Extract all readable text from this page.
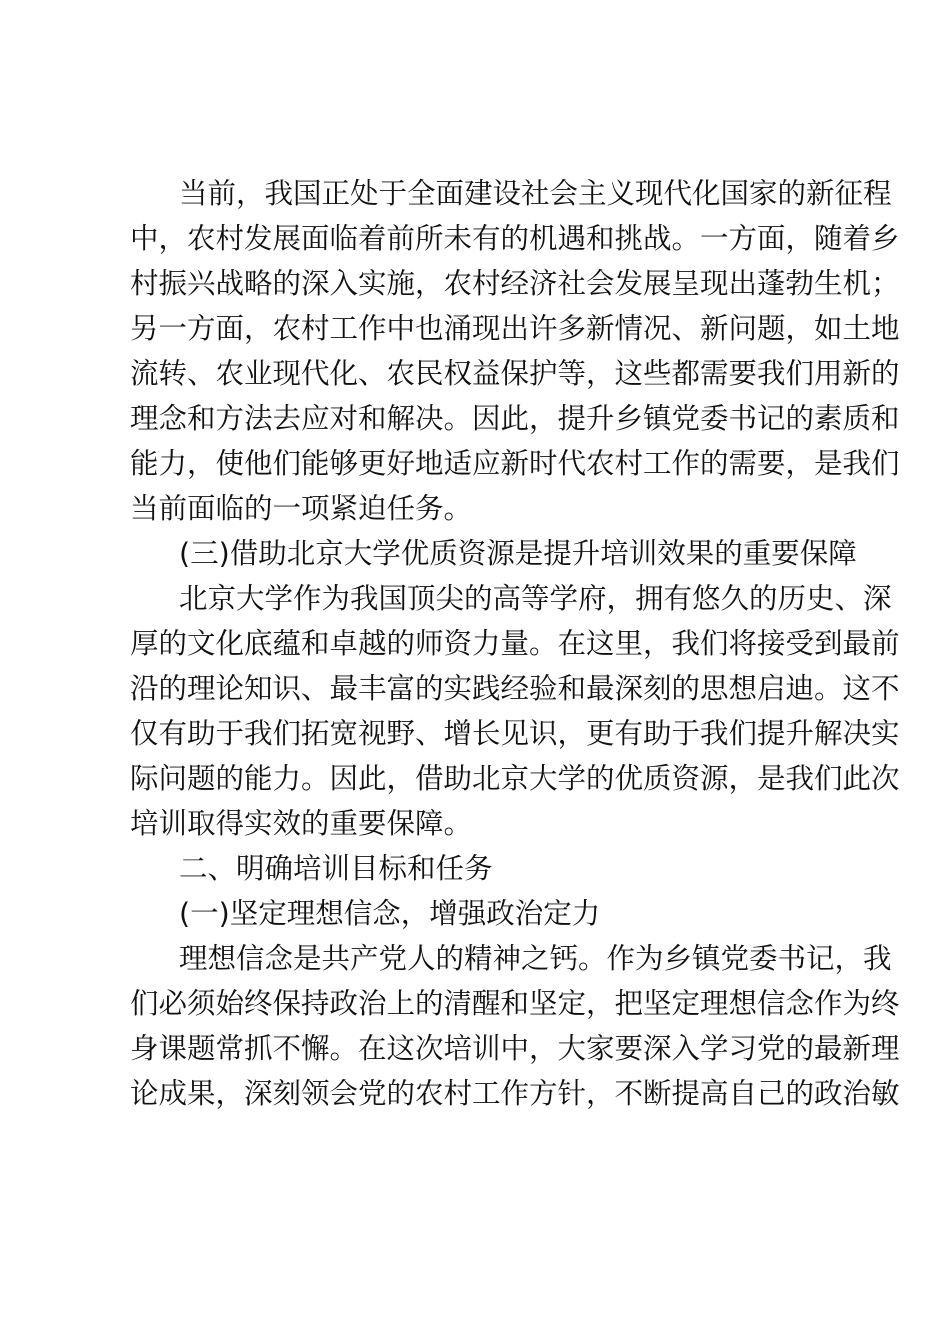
当前，我国正处于全面建设社会主义现代化国家的新征程
中，农村发展面临着前所未有的机遇和挑战。一方面，随着乡
村振兴战略的深入实施，农村经济社会发展呈现出蓬勃生机；
另一方面，农村工作中也涌现出许多新情况、新问题，如土地
流转、农业现代化、农民权益保护等，这些都需要我们用新的
理念和方法去应对和解决。因此，提升乡镇党委书记的素质和
能力，使他们能够更好地适应新时代农村工作的需要，是我们
当前面临的一项紧迫任务。
(三)借助北京大学优质资源是提升培训效果的重要保障
北京大学作为我国顶尖的高等学府，拥有悠久的历史、深
厚的文化底蕴和卓越的师资力量。在这里，我们将接受到最前
沿的理论知识、最丰富的实践经验和最深刻的思想启迪。这不
仅有助于我们拓宽视野、增长见识，更有助于我们提升解决实
际问题的能力。因此，借助北京大学的优质资源，是我们此次
培训取得实效的重要保障。
二、明确培训目标和任务
(一)坚定理想信念，增强政治定力
理想信念是共产党人的精神之钙。作为乡镇党委书记，我
们必须始终保持政治上的清醒和坚定，把坚定理想信念作为终
身课题常抓不懈。在这次培训中，大家要深入学习党的最新理
论成果，深刻领会党的农村工作方针，不断提高自己的政治敏
